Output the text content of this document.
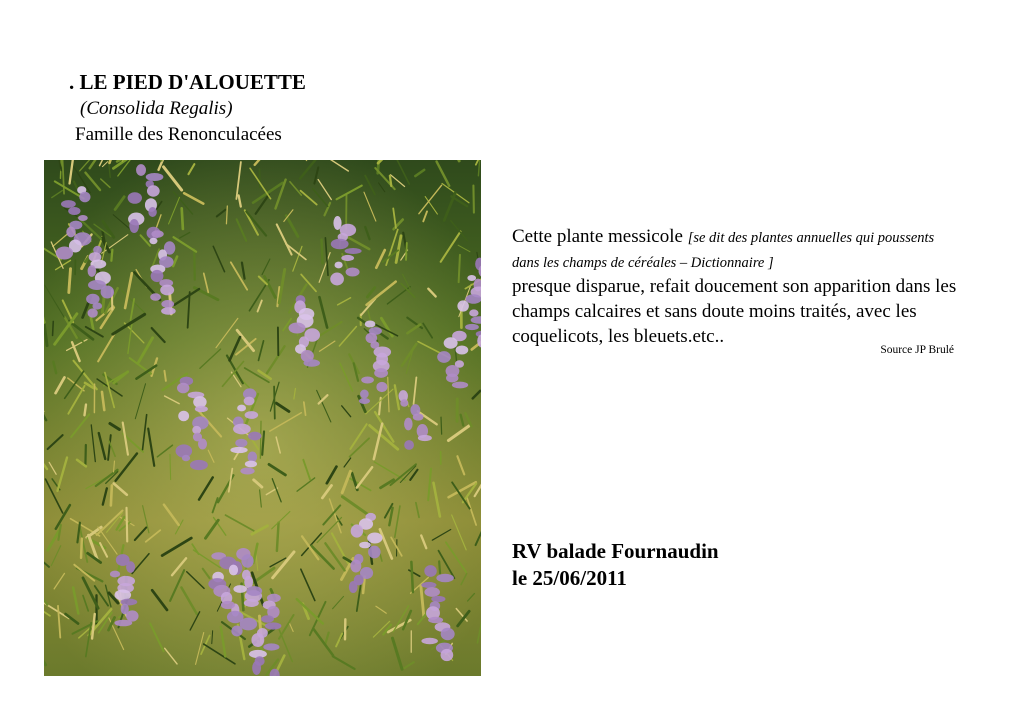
. LE PIED D'ALOUETTE
(Consolida Regalis)
Famille des Renonculacées
Cette plante messicole [se dit des plantes annuelles qui poussents dans les champs de céréales – Dictionnaire ]
presque disparue, refait doucement son apparition dans les champs calcaires et sans doute moins traités, avec les coquelicots, les bleuets.etc..
Source JP Brulé
RV balade Fournaudin
le 25/06/2011
